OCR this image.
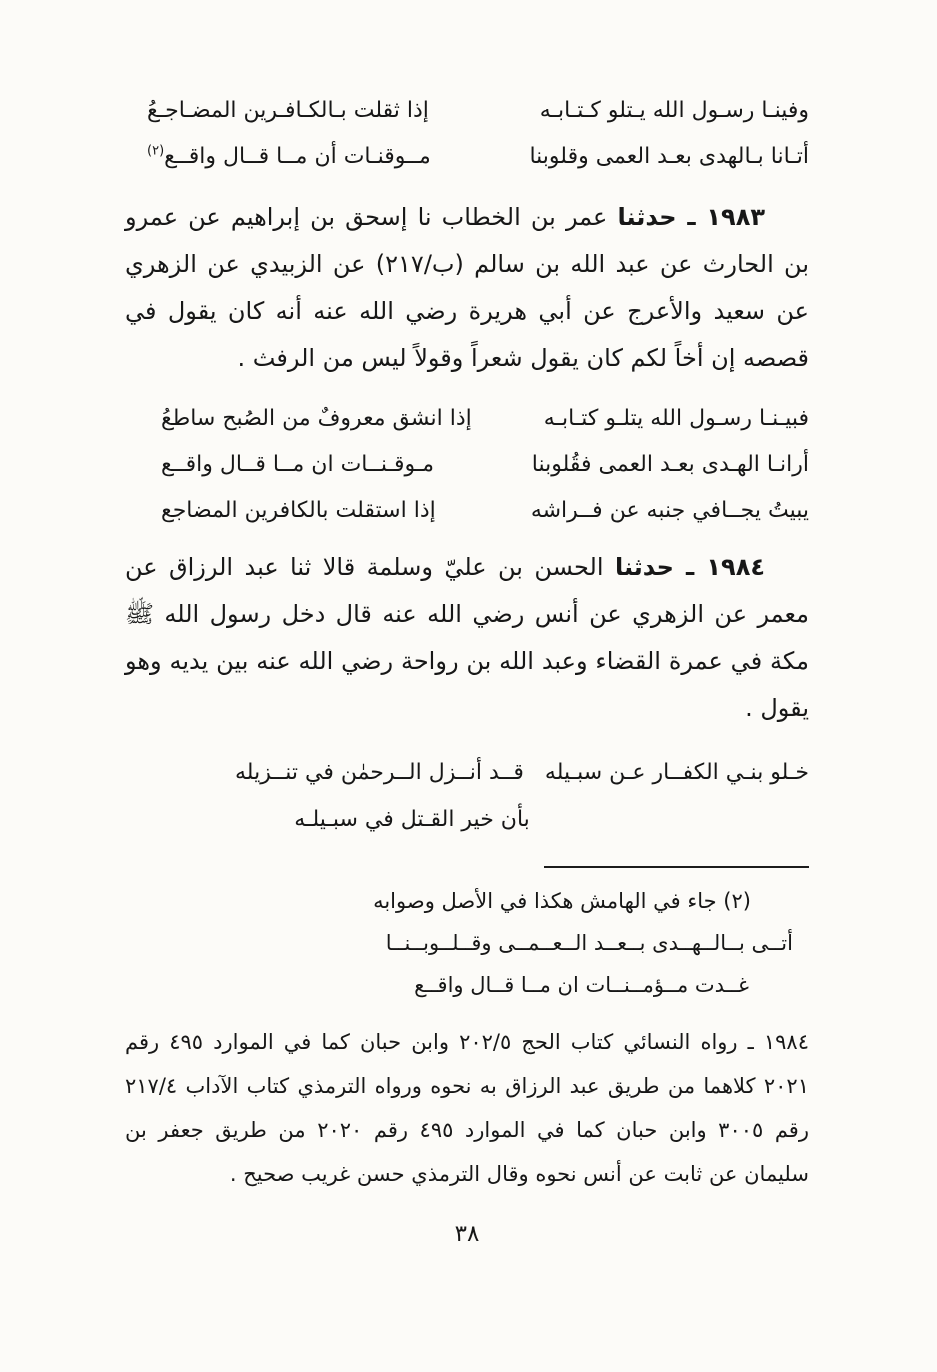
وفينـا رسـول الله يـتلو كـتـابـه
إذا ثقلت بـالكـافـرين المضـاجـعُ
أتـانا بـالهدى بعـد العمى وقلوبنا
مــوقنـات أن مــا قــال واقــع$^{(٢)}$

١٩٨٣ ـ حدثنا عمر بن الخطاب نا إسحق بن إبراهيم عن عمرو بن الحارث عن عبد الله بن سالم (ب/٢١٧) عن الزبيدي عن الزهري عن سعيد والأعرج عن أبي هريرة رضي الله عنه أنه كان يقول في قصصه إن أخاً لكم كان يقول شعراً وقولاً ليس من الرفث .

فبيـنـا رسـول الله يتلـو كتـابـه
إذا انشق معروفٌ من الصُبح ساطعُ
أرانـا الهـدى بعـد العمى فقُلوبنا
مـوقـنــات ان مــا قــال واقــع
يبيتُ يجــافي جنبه عن فــراشه
إذا استقلت بالكافرين المضاجع

١٩٨٤ ـ حدثنا الحسن بن عليّ وسلمة قالا ثنا عبد الرزاق عن معمر عن الزهري عن أنس رضي الله عنه قال دخل رسول الله ﷺ مكة في عمرة القضاء وعبد الله بن رواحة رضي الله عنه بين يديه وهو يقول .

خـلو بنـي الكفــار عـن سبـيله
قــد أنــزل الــرحمٰن في تنــزيله
بأن خير القـتل في سبـيلـه
(٢) جاء في الهامش هكذا في الأصل وصوابه
أتــى بــالــهــدى بــعــد الــعــمــى وقــلــوبــنــا
غــدت مــؤمــنــات ان مــا قــال واقــع

١٩٨٤ ـ رواه النسائي كتاب الحج ٢٠٢/٥ وابن حبان كما في الموارد ٤٩٥ رقم ٢٠٢١ كلاهما من طريق عبد الرزاق به نحوه ورواه الترمذي كتاب الآداب ٢١٧/٤ رقم ٣٠٠٥ وابن حبان كما في الموارد ٤٩٥ رقم ٢٠٢٠ من طريق جعفر بن سليمان عن ثابت عن أنس نحوه وقال الترمذي حسن غريب صحيح .

٣٨
